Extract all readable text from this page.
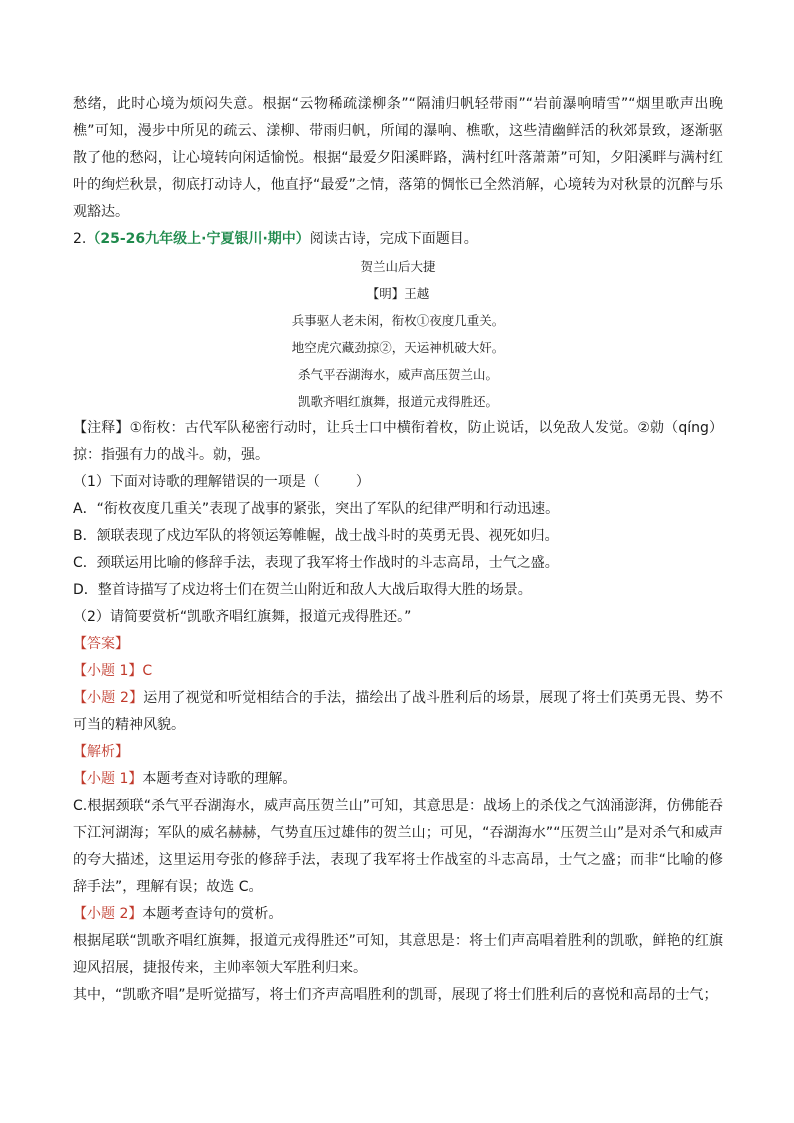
愁绪，此时心境为烦闷失意。根据“云物稀疏漾柳条”“隔浦归帆轻带雨”“岩前瀑响晴雪”“烟里歌声出晚樵”可知，漫步中所见的疏云、漾柳、带雨归帆，所闻的瀑响、樵歌，这些清幽鲜活的秋郊景致，逐渐驱散了他的愁闷，让心境转向闲适愉悦。根据“最爱夕阳溪畔路，满村红叶落萧萧”可知，夕阳溪畔与满村红叶的绚烂秋景，彻底打动诗人，他直抒“最爱”之情，落第的惆怅已全然消解，心境转为对秋景的沉醉与乐观豁达。

2.（25-26九年级上·宁夏银川·期中）阅读古诗，完成下面题目。

贺兰山后大捷

【明】王越

兵事驱人老未闲，衔枚①夜度几重关。

地空虎穴藏劲掠②，天运神机破大奸。

杀气平吞湖海水，威声高压贺兰山。

凯歌齐唱红旗舞，报道元戎得胜还。

【注释】①衔枚：古代军队秘密行动时，让兵士口中横衔着枚，防止说话，以免敌人发觉。②勍（qíng）掠：指强有力的战斗。勍，强。

（1）下面对诗歌的理解错误的一项是（	）

A．“衔枚夜度几重关”表现了战事的紧张，突出了军队的纪律严明和行动迅速。

B．颔联表现了戍边军队的将领运筹帷幄，战士战斗时的英勇无畏、视死如归。

C．颈联运用比喻的修辞手法，表现了我军将士作战时的斗志高昂，士气之盛。

D．整首诗描写了戍边将士们在贺兰山附近和敌人大战后取得大胜的场景。

（2）请简要赏析“凯歌齐唱红旗舞，报道元戎得胜还。”

【答案】

【小题 1】C

【小题 2】运用了视觉和听觉相结合的手法，描绘出了战斗胜利后的场景，展现了将士们英勇无畏、势不可当的精神风貌。

【解析】

【小题 1】本题考查对诗歌的理解。

C.根据颈联“杀气平吞湖海水，威声高压贺兰山”可知，其意思是：战场上的杀伐之气汹涌澎湃，仿佛能吞下江河湖海；军队的威名赫赫，气势直压过雄伟的贺兰山；可见，“吞湖海水”“压贺兰山”是对杀气和威声的夸大描述，这里运用夸张的修辞手法，表现了我军将士作战室的斗志高昂，士气之盛；而非“比喻的修辞手法”，理解有误；故选 C。

【小题 2】本题考查诗句的赏析。

根据尾联“凯歌齐唱红旗舞，报道元戎得胜还”可知，其意思是：将士们声高唱着胜利的凯歌，鲜艳的红旗迎风招展，捷报传来，主帅率领大军胜利归来。

其中，“凯歌齐唱”是听觉描写，将士们齐声高唱胜利的凯哥，展现了将士们胜利后的喜悦和高昂的士气；
